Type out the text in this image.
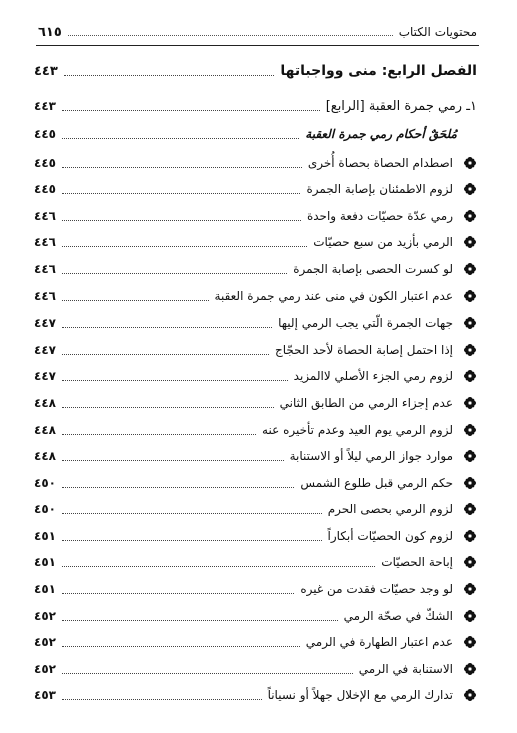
محتويات الكتاب
٦١٥
الفصل الرابع: منى وواجباتها
٤٤٣
١ـ رمي جمرة العقبة [الرابع]
٤٤٣
مُلحَقٌ أحكام رمي جمرة العقبة
٤٤٥
اصطدام الحصاة بحصاة أُخرى
٤٤٥
لزوم الاطمئنان بإصابة الجمرة
٤٤٥
رمي عدّة حصيّات دفعة واحدة
٤٤٦
الرمي بأزيد من سبع حصيّات
٤٤٦
لو كسرت الحصى بإصابة الجمرة
٤٤٦
عدم اعتبار الكون في منى عند رمي جمرة العقبة
٤٤٦
جهات الجمرة الّتي يجب الرمي إليها
٤٤٧
إذا احتمل إصابة الحصاة لأحد الحجّاج
٤٤٧
لزوم رمي الجزء الأصلي لاالمزيد
٤٤٧
عدم إجزاء الرمي من الطابق الثاني
٤٤٨
لزوم الرمي يوم العيد وعدم تأخيره عنه
٤٤٨
موارد جواز الرمي ليلاً أو الاستنابة
٤٤٨
حكم الرمي قبل طلوع الشمس
٤٥٠
لزوم الرمي بحصى الحرم
٤٥٠
لزوم كون الحصيّات أبكاراً
٤٥١
إباحة الحصيّات
٤٥١
لو وجد حصيّات فقدت من غيره
٤٥١
الشكّ في صحّة الرمي
٤٥٢
عدم اعتبار الطهارة في الرمي
٤٥٢
الاستنابة في الرمي
٤٥٢
تدارك الرمي مع الإخلال جهلاً أو نسياناً
٤٥٣
